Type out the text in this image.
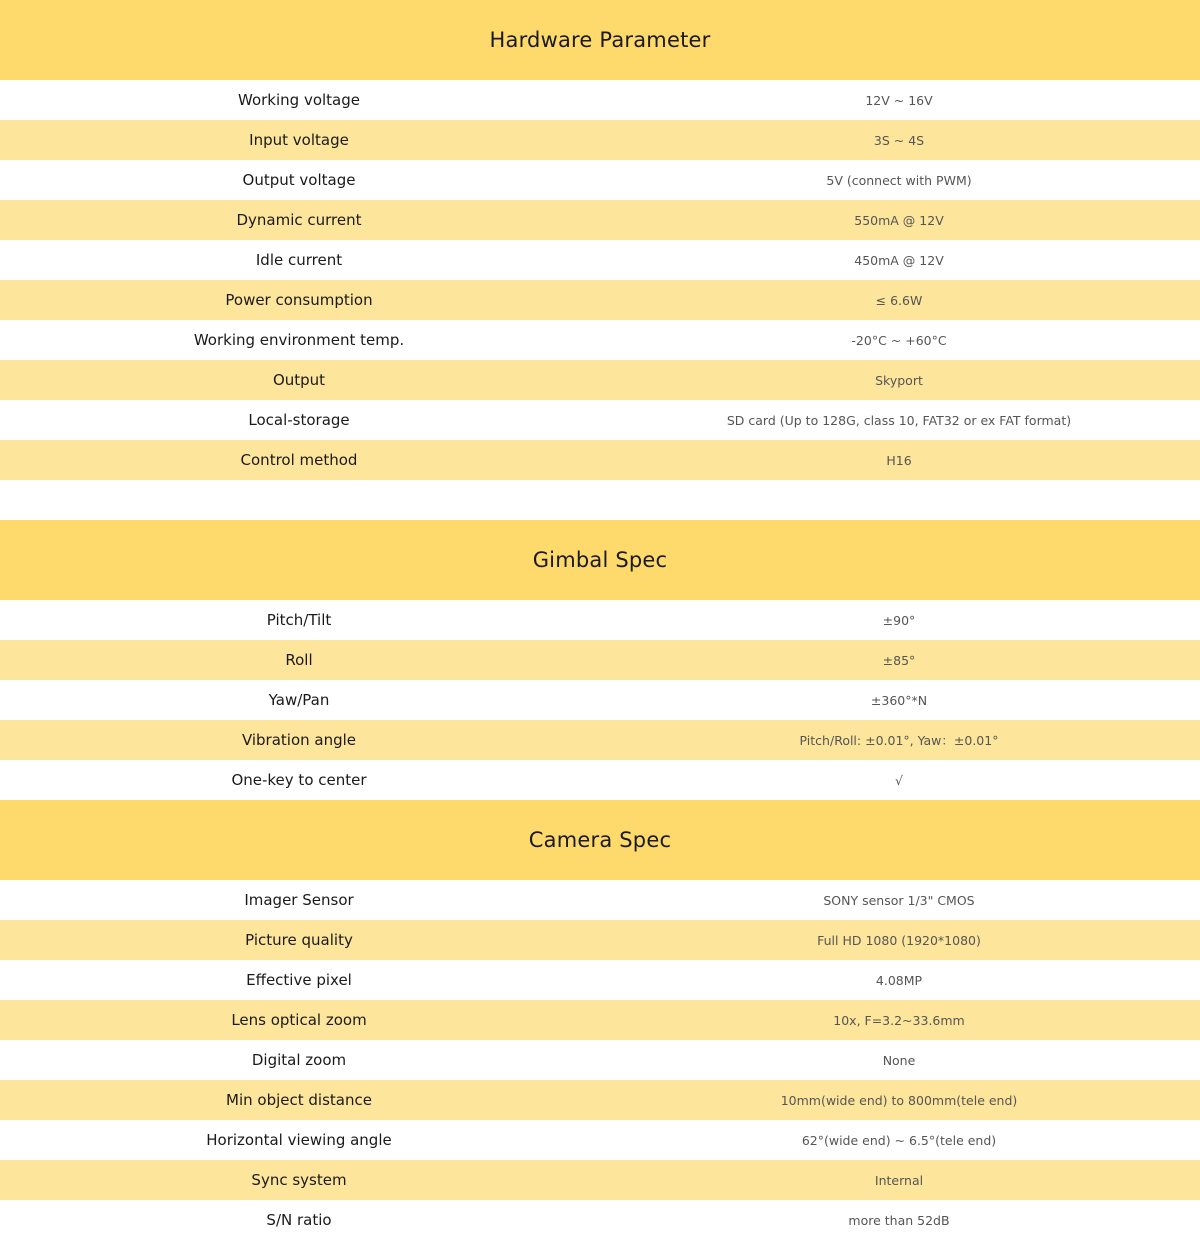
Hardware Parameter
Working voltage	12V ~ 16V
Input voltage	3S ~ 4S
Output voltage	5V (connect with PWM)
Dynamic current	550mA @ 12V
Idle current	450mA @ 12V
Power consumption	≤ 6.6W
Working environment temp.	-20°C ~ +60°C
Output	Skyport
Local-storage	SD card (Up to 128G, class 10, FAT32 or ex FAT format)
Control method	H16
Gimbal Spec
Pitch/Tilt	±90°
Roll	±85°
Yaw/Pan	±360°*N
Vibration angle	Pitch/Roll: ±0.01°, Yaw：±0.01°
One-key to center	√
Camera Spec
Imager Sensor	SONY sensor 1/3" CMOS
Picture quality	Full HD 1080 (1920*1080)
Effective pixel	4.08MP
Lens optical zoom	10x, F=3.2~33.6mm
Digital zoom	None
Min object distance	10mm(wide end) to 800mm(tele end)
Horizontal viewing angle	62°(wide end) ~ 6.5°(tele end)
Sync system	Internal
S/N ratio	more than 52dB
